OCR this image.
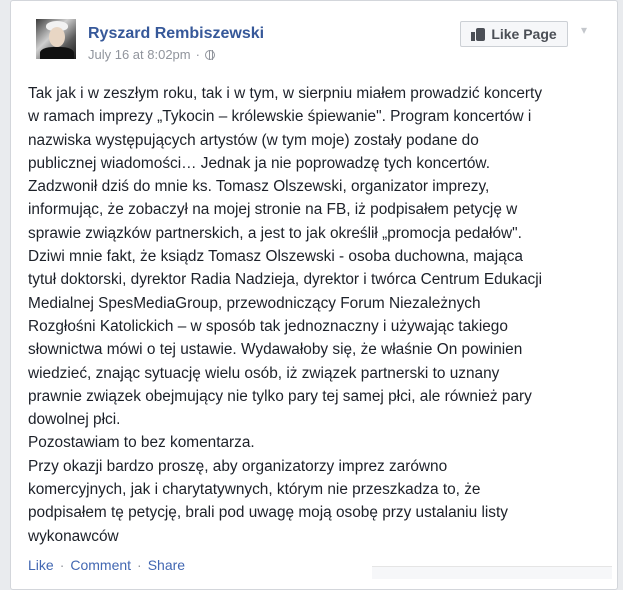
Ryszard Rembiszewski
July 16 at 8:02pm ·
Like Page ▾

Tak jak i w zeszłym roku, tak i w tym, w sierpniu miałem prowadzić koncerty

w ramach imprezy „Tykocin – królewskie śpiewanie". Program koncertów i

nazwiska występujących artystów (w tym moje) zostały podane do

publicznej wiadomości… Jednak ja nie poprowadzę tych koncertów.

Zadzwonił dziś do mnie ks. Tomasz Olszewski, organizator imprezy,

informując, że zobaczył na mojej stronie na FB, iż podpisałem petycję w

sprawie związków partnerskich, a jest to jak określił „promocja pedałów".

Dziwi mnie fakt, że ksiądz Tomasz Olszewski - osoba duchowna, mająca

tytuł doktorski, dyrektor Radia Nadzieja, dyrektor i twórca Centrum Edukacji

Medialnej SpesMediaGroup, przewodniczący Forum Niezależnych

Rozgłośni Katolickich – w sposób tak jednoznaczny i używając takiego

słownictwa mówi o tej ustawie. Wydawałoby się, że właśnie On powinien

wiedzieć, znając sytuację wielu osób, iż związek partnerski to uznany

prawnie związek obejmujący nie tylko pary tej samej płci, ale również pary

dowolnej płci.

Pozostawiam to bez komentarza.

Przy okazji bardzo proszę, aby organizatorzy imprez zarówno

komercyjnych, jak i charytatywnych, którym nie przeszkadza to, że

podpisałem tę petycję, brali pod uwagę moją osobę przy ustalaniu listy

wykonawców

Like · Comment · Share
